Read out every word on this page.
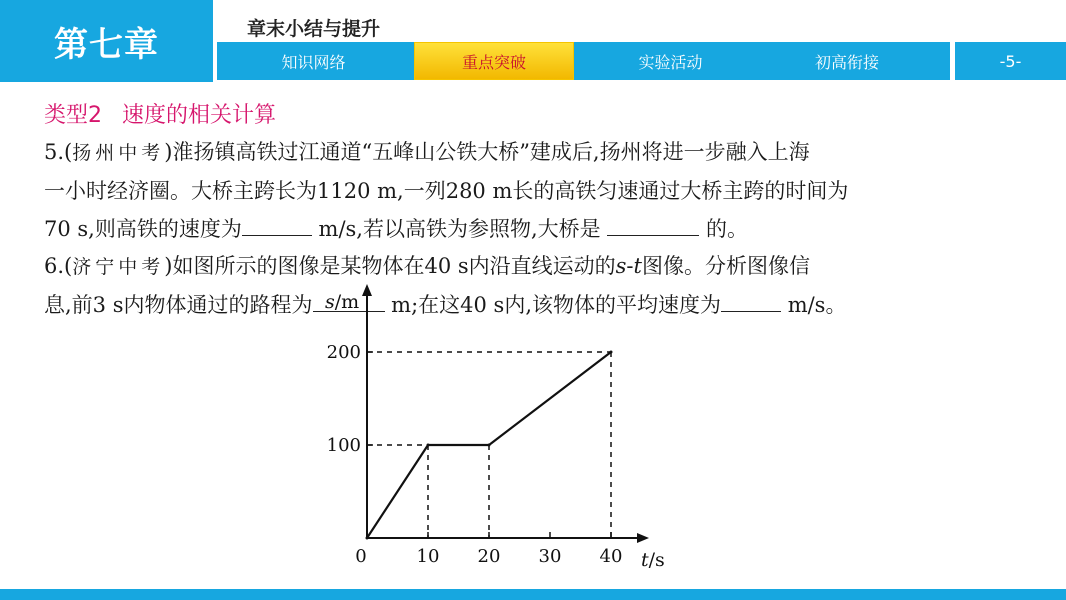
第七章	章末小结与提升
知识网络	重点突破	实验活动	初高衔接	-5-
类型2 速度的相关计算
5.(扬州中考)淮扬镇高铁过江通道“五峰山公铁大桥”建成后,扬州将进一步融入上海
一小时经济圈。大桥主跨长为1120 m,一列280 m长的高铁匀速通过大桥主跨的时间为
70 s,则高铁的速度为	m/s,若以高铁为参照物,大桥是	的。
6.(济宁中考)如图所示的图像是某物体在40 s内沿直线运动的s-t图像。分析图像信
息,前3 s内物体通过的路程为	m;在这40 s内,该物体的平均速度为	m/s。
100
200
0	10 20 30 40
s/m
t/s
